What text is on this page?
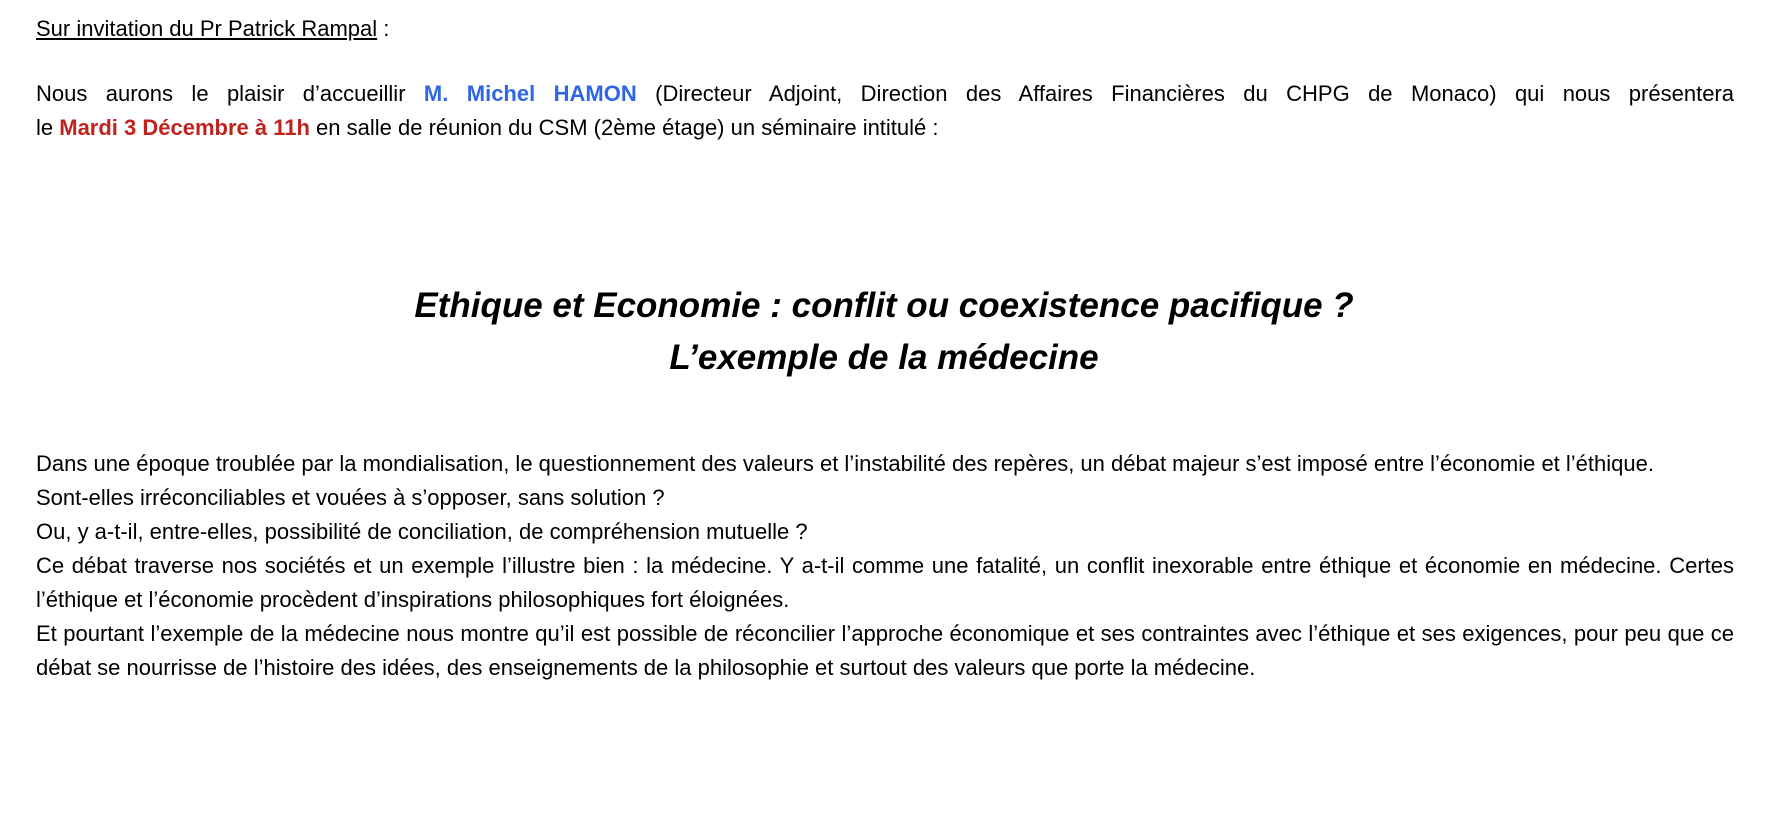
Sur invitation du Pr Patrick Rampal :
Nous aurons le plaisir d’accueillir M. Michel HAMON (Directeur Adjoint, Direction des Affaires Financières du CHPG de Monaco) qui nous présentera
le Mardi 3 Décembre à 11h en salle de réunion du CSM (2ème étage) un séminaire intitulé :
Ethique et Economie : conflit ou coexistence pacifique ?
L’exemple de la médecine

Dans une époque troublée par la mondialisation, le questionnement des valeurs et l’instabilité des repères, un débat majeur s’est imposé entre l’économie et l’éthique.

Sont-elles irréconciliables et vouées à s’opposer, sans solution ?

Ou, y a-t-il, entre-elles, possibilité de conciliation, de compréhension mutuelle ?

Ce débat traverse nos sociétés et un exemple l’illustre bien : la médecine. Y a-t-il comme une fatalité, un conflit inexorable entre éthique et économie en médecine. Certes l’éthique et l’économie procèdent d’inspirations philosophiques fort éloignées.

Et pourtant l’exemple de la médecine nous montre qu’il est possible de réconcilier l’approche économique et ses contraintes avec l’éthique et ses exigences, pour peu que ce débat se nourrisse de l’histoire des idées, des enseignements de la philosophie et surtout des valeurs que porte la médecine.
